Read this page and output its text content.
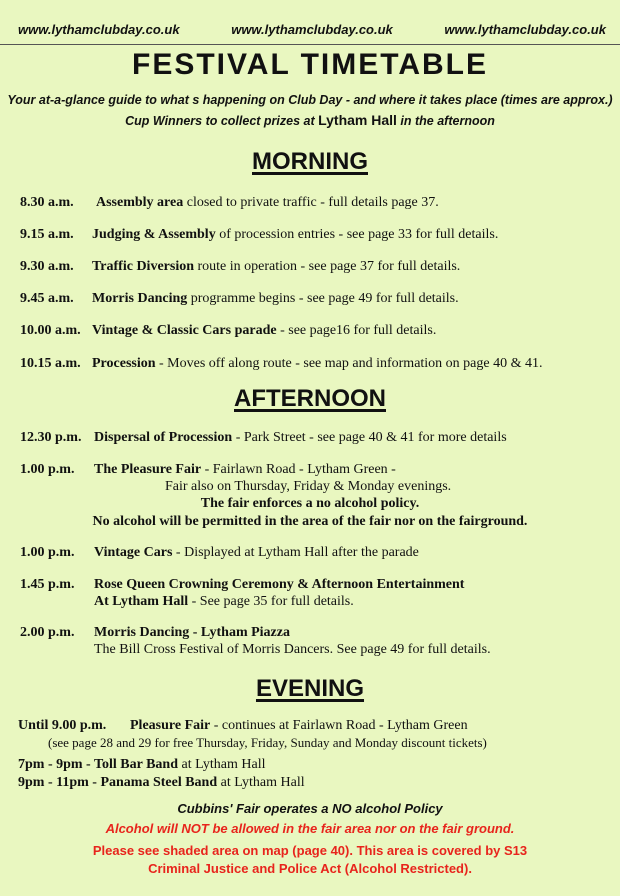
www.lythamclubday.co.uk	www.lythamclubday.co.uk	www.lythamclubday.co.uk
FESTIVAL TIMETABLE
Your at-a-glance guide to what s happening on Club Day - and where it takes place (times are approx.)
Cup Winners to collect prizes at Lytham Hall in the afternoon
MORNING
8.30 a.m. Assembly area closed to private traffic - full details page 37.
9.15 a.m. Judging & Assembly of procession entries - see page 33 for full details.
9.30 a.m. Traffic Diversion route in operation - see page 37 for full details.
9.45 a.m. Morris Dancing programme begins - see page 49 for full details.
10.00 a.m. Vintage & Classic Cars parade - see page16 for full details.
10.15 a.m. Procession - Moves off along route - see map and information on page 40 & 41.
AFTERNOON
12.30 p.m. Dispersal of Procession - Park Street - see page 40 & 41 for more details
1.00 p.m. The Pleasure Fair - Fairlawn Road - Lytham Green -
Fair also on Thursday, Friday & Monday evenings.
The fair enforces a no alcohol policy.
No alcohol will be permitted in the area of the fair nor on the fairground.
1.00 p.m. Vintage Cars - Displayed at Lytham Hall after the parade
1.45 p.m. Rose Queen Crowning Ceremony & Afternoon Entertainment
At Lytham Hall - See page 35 for full details.
2.00 p.m. Morris Dancing - Lytham Piazza
The Bill Cross Festival of Morris Dancers. See page 49 for full details.
EVENING
Until 9.00 p.m. Pleasure Fair - continues at Fairlawn Road - Lytham Green
(see page 28 and 29 for free Thursday, Friday, Sunday and Monday discount tickets)
7pm - 9pm - Toll Bar Band at Lytham Hall
9pm - 11pm - Panama Steel Band at Lytham Hall
Cubbins' Fair operates a NO alcohol Policy
Alcohol will NOT be allowed in the fair area nor on the fair ground.
Please see shaded area on map (page 40). This area is covered by S13
Criminal Justice and Police Act (Alcohol Restricted).
